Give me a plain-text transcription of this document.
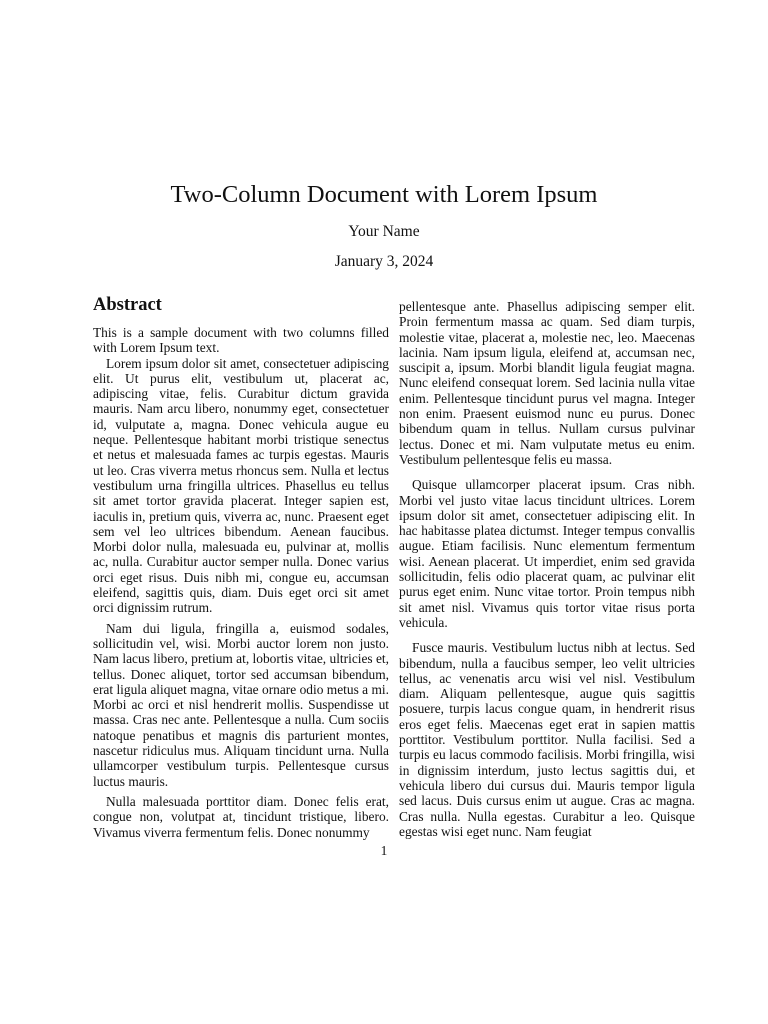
Two-Column Document with Lorem Ipsum
Your Name
January 3, 2024
Abstract

This is a sample document with two columns filled with Lorem Ipsum text.

Lorem ipsum dolor sit amet, consectetuer adipiscing elit. Ut purus elit, vestibulum ut, placerat ac, adipiscing vitae, felis. Curabitur dictum gravida mauris. Nam arcu libero, nonummy eget, consectetuer id, vulputate a, magna. Donec vehicula augue eu neque. Pellentesque habitant morbi tristique senectus et netus et malesuada fames ac turpis egestas. Mauris ut leo. Cras viverra metus rhoncus sem. Nulla et lectus vestibulum urna fringilla ultrices. Phasellus eu tellus sit amet tortor gravida placerat. Integer sapien est, iaculis in, pretium quis, viverra ac, nunc. Praesent eget sem vel leo ultrices bibendum. Aenean faucibus. Morbi dolor nulla, malesuada eu, pulvinar at, mollis ac, nulla. Curabitur auctor semper nulla. Donec varius orci eget risus. Duis nibh mi, congue eu, accumsan eleifend, sagittis quis, diam. Duis eget orci sit amet orci dignissim rutrum.

Nam dui ligula, fringilla a, euismod sodales, sollicitudin vel, wisi. Morbi auctor lorem non justo. Nam lacus libero, pretium at, lobortis vitae, ultricies et, tellus. Donec aliquet, tortor sed accumsan bibendum, erat ligula aliquet magna, vitae ornare odio metus a mi. Morbi ac orci et nisl hendrerit mollis. Suspendisse ut massa. Cras nec ante. Pellentesque a nulla. Cum sociis natoque penatibus et magnis dis parturient montes, nascetur ridiculus mus. Aliquam tincidunt urna. Nulla ullamcorper vestibulum turpis. Pellentesque cursus luctus mauris.

Nulla malesuada porttitor diam. Donec felis erat, congue non, volutpat at, tincidunt tristique, libero. Vivamus viverra fermentum felis. Donec nonummy

pellentesque ante. Phasellus adipiscing semper elit. Proin fermentum massa ac quam. Sed diam turpis, molestie vitae, placerat a, molestie nec, leo. Maecenas lacinia. Nam ipsum ligula, eleifend at, accumsan nec, suscipit a, ipsum. Morbi blandit ligula feugiat magna. Nunc eleifend consequat lorem. Sed lacinia nulla vitae enim. Pellentesque tincidunt purus vel magna. Integer non enim. Praesent euismod nunc eu purus. Donec bibendum quam in tellus. Nullam cursus pulvinar lectus. Donec et mi. Nam vulputate metus eu enim. Vestibulum pellentesque felis eu massa.

Quisque ullamcorper placerat ipsum. Cras nibh. Morbi vel justo vitae lacus tincidunt ultrices. Lorem ipsum dolor sit amet, consectetuer adipiscing elit. In hac habitasse platea dictumst. Integer tempus convallis augue. Etiam facilisis. Nunc elementum fermentum wisi. Aenean placerat. Ut imperdiet, enim sed gravida sollicitudin, felis odio placerat quam, ac pulvinar elit purus eget enim. Nunc vitae tortor. Proin tempus nibh sit amet nisl. Vivamus quis tortor vitae risus porta vehicula.

Fusce mauris. Vestibulum luctus nibh at lectus. Sed bibendum, nulla a faucibus semper, leo velit ultricies tellus, ac venenatis arcu wisi vel nisl. Vestibulum diam. Aliquam pellentesque, augue quis sagittis posuere, turpis lacus congue quam, in hendrerit risus eros eget felis. Maecenas eget erat in sapien mattis porttitor. Vestibulum porttitor. Nulla facilisi. Sed a turpis eu lacus commodo facilisis. Morbi fringilla, wisi in dignissim interdum, justo lectus sagittis dui, et vehicula libero dui cursus dui. Mauris tempor ligula sed lacus. Duis cursus enim ut augue. Cras ac magna. Cras nulla. Nulla egestas. Curabitur a leo. Quisque egestas wisi eget nunc. Nam feugiat

1
